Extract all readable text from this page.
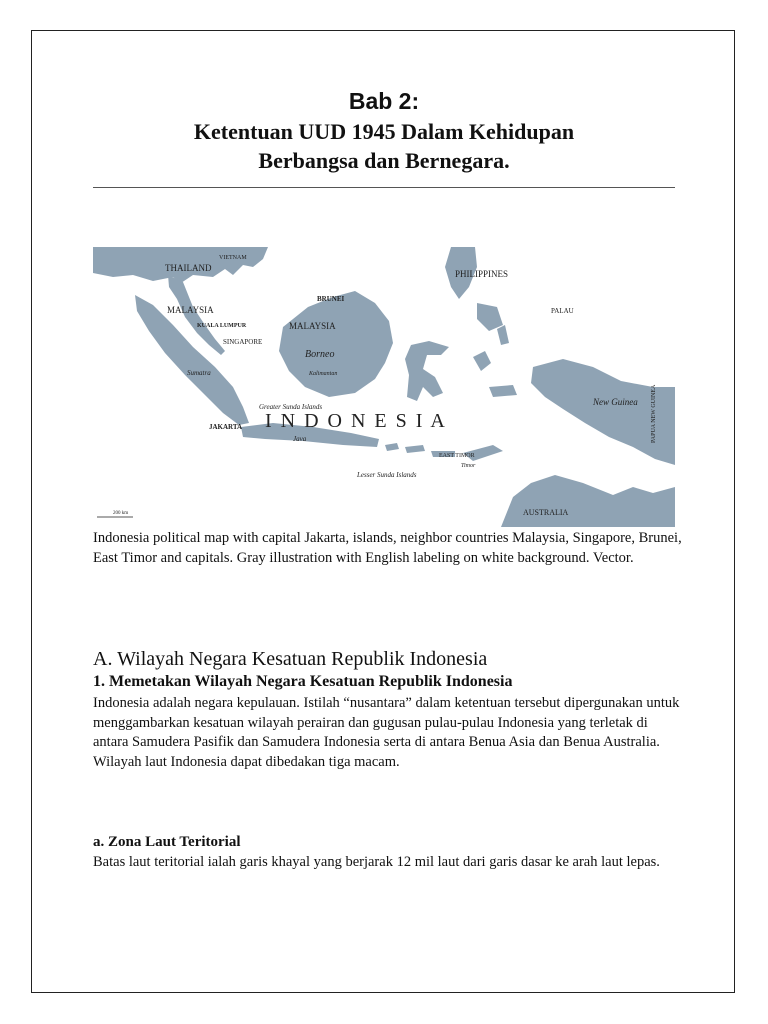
Bab 2:
Ketentuan UUD 1945 Dalam Kehidupan
Berbangsa dan Bernegara.
THAILAND
VIETNAM
PHILIPPINES
PALAU
BRUNEI
MALAYSIA
MALAYSIA
KUALA LUMPUR
SINGAPORE
Borneo
Kalimantan
Sumatra
JAKARTA
Java
Greater Sunda Islands
I N D O N E S I A
Lesser Sunda Islands
EAST TIMOR
Timor
New Guinea PAPUA NEW GUINEA
AUSTRALIA
200 km
Indonesia political map with capital Jakarta, islands, neighbor countries Malaysia, Singapore, Brunei, East Timor and capitals. Gray illustration with English labeling on white background. Vector.
A. Wilayah Negara Kesatuan Republik Indonesia
1. Memetakan Wilayah Negara Kesatuan Republik Indonesia
Indonesia adalah negara kepulauan. Istilah “nusantara” dalam ketentuan tersebut dipergunakan untuk menggambarkan kesatuan wilayah perairan dan gugusan pulau-pulau Indonesia yang terletak di antara Samudera Pasifik dan Samudera Indonesia serta di antara Benua Asia dan Benua Australia. Wilayah laut Indonesia dapat dibedakan tiga macam.
a. Zona Laut Teritorial
Batas laut teritorial ialah garis khayal yang berjarak 12 mil laut dari garis dasar ke arah laut lepas.
